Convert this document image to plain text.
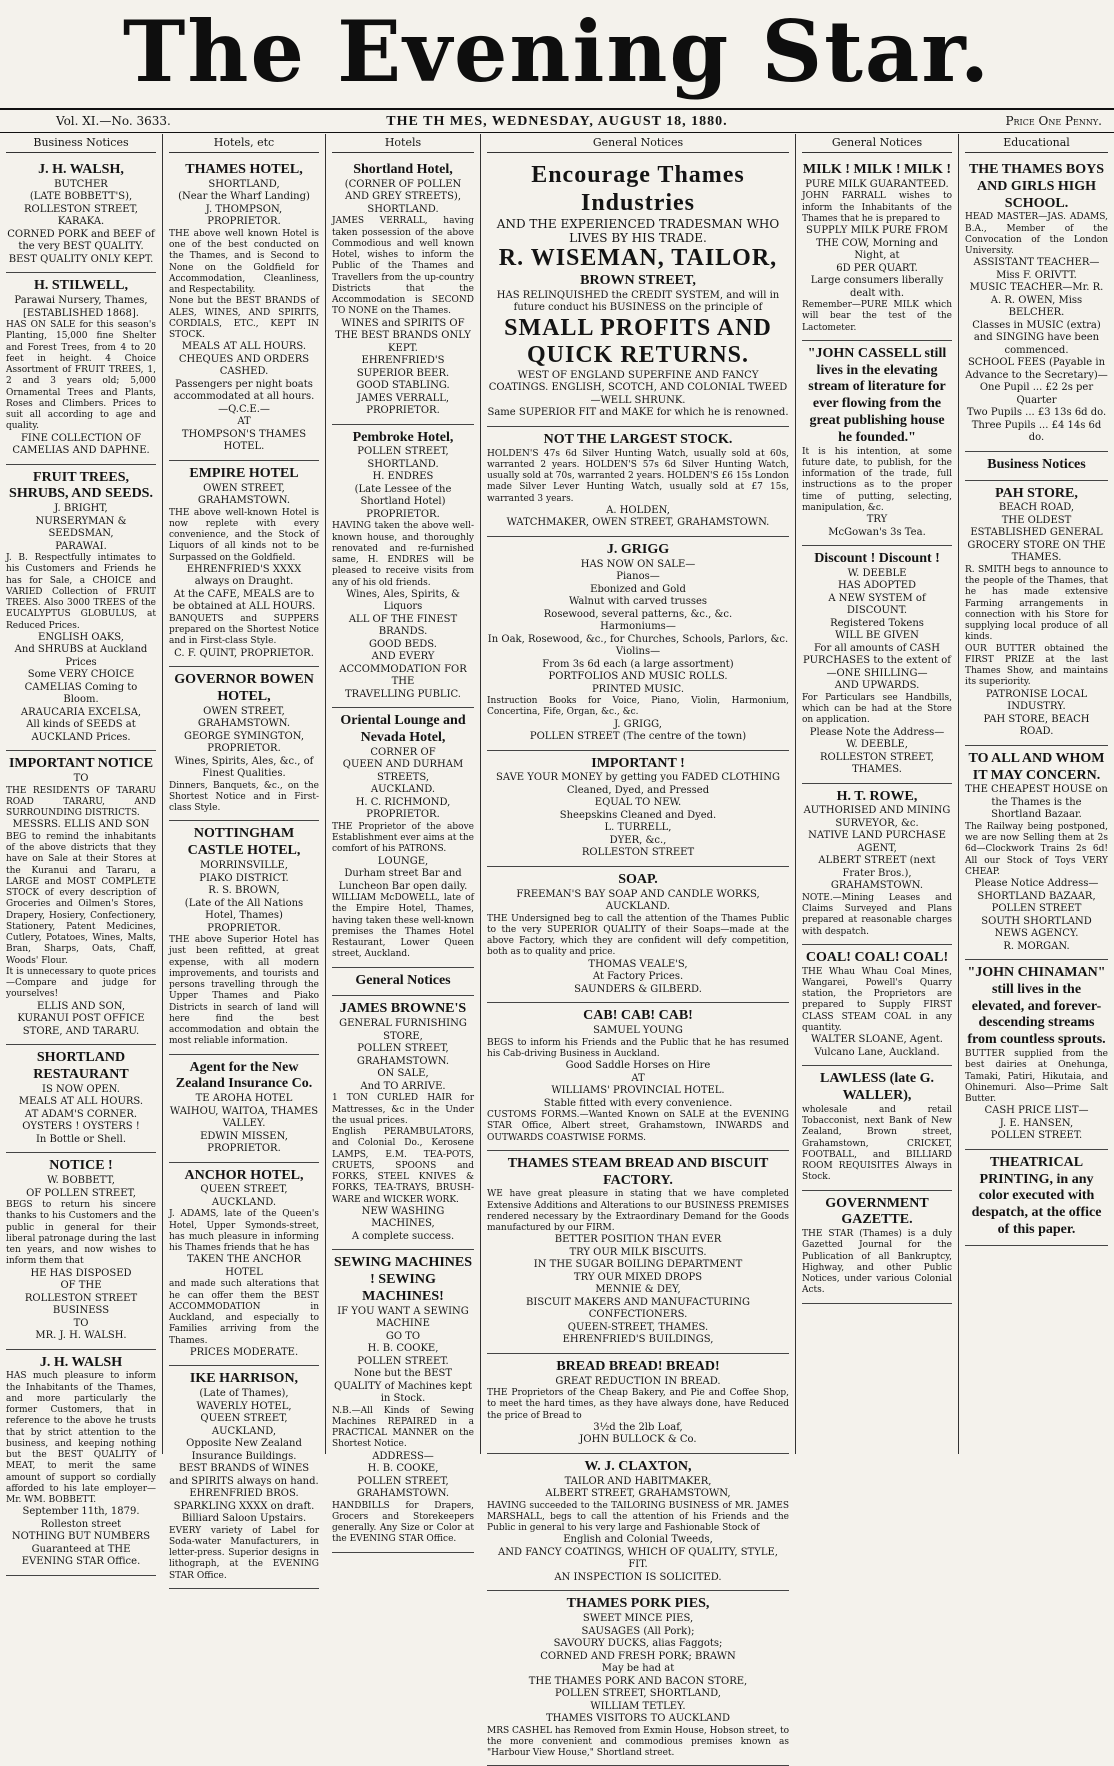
The Evening Star.
Vol. XI.—No. 3633.	THE TH MES, WEDNESDAY, AUGUST 18, 1880.	Price One Penny.
Business Notices
J. H. WALSH,
BUTCHER
(LATE BOBBETT'S),
ROLLESTON STREET, KARAKA.
CORNED PORK and BEEF of the very BEST QUALITY.
BEST QUALITY ONLY KEPT.
H. STILWELL,
Parawai Nursery, Thames,
[ESTABLISHED 1868].
HAS ON SALE for this season's Planting, 15,000 fine Shelter and Forest Trees, from 4 to 20 feet in height. 4 Choice Assortment of FRUIT TREES, 1, 2 and 3 years old; 5,000 Ornamental Trees and Plants, Roses and Climbers. Prices to suit all according to age and quality.
FINE COLLECTION OF CAMELIAS AND DAPHNE.
FRUIT TREES, SHRUBS, AND SEEDS.
J. BRIGHT,
NURSERYMAN & SEEDSMAN,
PARAWAI.
J. B. Respectfully intimates to his Customers and Friends he has for Sale, a CHOICE and VARIED Collection of FRUIT TREES. Also 3000 TREES of the EUCALYPTUS GLOBULUS, at Reduced Prices.
ENGLISH OAKS,
And SHRUBS at Auckland Prices
Some VERY CHOICE CAMELIAS Coming to Bloom.
ARAUCARIA EXCELSA,
All kinds of SEEDS at AUCKLAND Prices.
IMPORTANT NOTICE
TO
THE RESIDENTS OF TARARU ROAD TARARU, AND SURROUNDING DISTRICTS.
MESSRS. ELLIS AND SON
BEG to remind the inhabitants of the above districts that they have on Sale at their Stores at the Kuranui and Tararu, a LARGE and MOST COMPLETE STOCK of every description of Groceries and Oilmen's Stores, Drapery, Hosiery, Confectionery, Stationery, Patent Medicines, Cutlery, Potatoes, Wines, Malts, Bran, Sharps, Oats, Chaff, Woods' Flour.
It is unnecessary to quote prices—Compare and judge for yourselves!
ELLIS AND SON,
KURANUI POST OFFICE STORE, AND TARARU.
SHORTLAND RESTAURANT
IS NOW OPEN.
MEALS AT ALL HOURS.
AT ADAM'S CORNER.
OYSTERS ! OYSTERS !
In Bottle or Shell.
NOTICE !
W. BOBBETT,
OF POLLEN STREET,
BEGS to return his sincere thanks to his Customers and the public in general for their liberal patronage during the last ten years, and now wishes to inform them that
HE HAS DISPOSED
OF THE
ROLLESTON STREET BUSINESS
TO
MR. J. H. WALSH.
J. H. WALSH
HAS much pleasure to inform the Inhabitants of the Thames, and more particularly the former Customers, that in reference to the above he trusts that by strict attention to the business, and keeping nothing but the BEST QUALITY of MEAT, to merit the same amount of support so cordially afforded to his late employer—Mr. WM. BOBBETT.
September 11th, 1879.
Rolleston street
NOTHING BUT NUMBERS Guaranteed at THE EVENING STAR Office.
Hotels, etc
THAMES HOTEL,
SHORTLAND,
(Near the Wharf Landing)
J. THOMPSON, PROPRIETOR.
THE above well known Hotel is one of the best conducted on the Thames, and is Second to None on the Goldfield for Accommodation, Cleanliness, and Respectability.
None but the BEST BRANDS of ALES, WINES, AND SPIRITS, CORDIALS, ETC., KEPT IN STOCK.
MEALS AT ALL HOURS.
CHEQUES AND ORDERS CASHED.
Passengers per night boats accommodated at all hours.
—Q.C.E.—
AT
THOMPSON'S THAMES HOTEL.
EMPIRE HOTEL
OWEN STREET, GRAHAMSTOWN.
THE above well-known Hotel is now replete with every convenience, and the Stock of Liquors of all kinds not to be Surpassed on the Goldfield.
EHRENFRIED'S XXXX always on Draught.
At the CAFE, MEALS are to be obtained at ALL HOURS.
BANQUETS and SUPPERS prepared on the Shortest Notice and in First-class Style.
C. F. QUINT, PROPRIETOR.
GOVERNOR BOWEN HOTEL,
OWEN STREET, GRAHAMSTOWN.
GEORGE SYMINGTON, PROPRIETOR.
Wines, Spirits, Ales, &c., of Finest Qualities.
Dinners, Banquets, &c., on the Shortest Notice and in First-class Style.
NOTTINGHAM CASTLE HOTEL,
MORRINSVILLE,
PIAKO DISTRICT.
R. S. BROWN,
(Late of the All Nations Hotel, Thames) PROPRIETOR.
THE above Superior Hotel has just been refitted, at great expense, with all modern improvements, and tourists and persons travelling through the Upper Thames and Piako Districts in search of land will here find the best accommodation and obtain the most reliable information.
Agent for the New Zealand Insurance Co.
TE AROHA HOTEL
WAIHOU, WAITOA, THAMES VALLEY.
EDWIN MISSEN, PROPRIETOR.
ANCHOR HOTEL,
QUEEN STREET, AUCKLAND.
J. ADAMS, late of the Queen's Hotel, Upper Symonds-street, has much pleasure in informing his Thames friends that he has
TAKEN THE ANCHOR HOTEL
and made such alterations that he can offer them the BEST ACCOMMODATION in Auckland, and especially to Families arriving from the Thames.
PRICES MODERATE.
IKE HARRISON,
(Late of Thames),
WAVERLY HOTEL,
QUEEN STREET, AUCKLAND,
Opposite New Zealand Insurance Buildings.
BEST BRANDS of WINES and SPIRITS always on hand.
EHRENFRIED BROS. SPARKLING XXXX on draft.
Billiard Saloon Upstairs.
EVERY variety of Label for Soda-water Manufacturers, in letter-press. Superior designs in lithograph, at the EVENING STAR Office.
Hotels
Shortland Hotel,
(CORNER OF POLLEN AND GREY STREETS),
SHORTLAND.
JAMES VERRALL, having taken possession of the above Commodious and well known Hotel, wishes to inform the Public of the Thames and Travellers from the up-country Districts that the Accommodation is SECOND TO NONE on the Thames.
WINES and SPIRITS OF THE BEST BRANDS ONLY KEPT.
EHRENFRIED'S SUPERIOR BEER.
GOOD STABLING.
JAMES VERRALL,
PROPRIETOR.
Pembroke Hotel,
POLLEN STREET, SHORTLAND.
H. ENDRES
(Late Lessee of the Shortland Hotel) PROPRIETOR.
HAVING taken the above well-known house, and thoroughly renovated and re-furnished same, H. ENDRES will be pleased to receive visits from any of his old friends.
Wines, Ales, Spirits, & Liquors
ALL OF THE FINEST BRANDS.
GOOD BEDS.
AND EVERY ACCOMMODATION FOR THE
TRAVELLING PUBLIC.
Oriental Lounge and Nevada Hotel,
CORNER OF
QUEEN AND DURHAM STREETS,
AUCKLAND.
H. C. RICHMOND,
PROPRIETOR.
THE Proprietor of the above Establishment ever aims at the comfort of his PATRONS.
LOUNGE,
Durham street Bar and Luncheon Bar open daily.
WILLIAM McDOWELL, late of the Empire Hotel, Thames, having taken these well-known premises the Thames Hotel Restaurant, Lower Queen street, Auckland.
General Notices
JAMES BROWNE'S
GENERAL FURNISHING STORE,
POLLEN STREET, GRAHAMSTOWN.
ON SALE,
And TO ARRIVE.
1 TON CURLED HAIR for Mattresses, &c in the Under the usual prices.
English PERAMBULATORS, and Colonial Do., Kerosene LAMPS, E.M. TEA-POTS, CRUETS, SPOONS and FORKS, STEEL KNIVES & FORKS, TEA-TRAYS, BRUSH-WARE and WICKER WORK.
NEW WASHING MACHINES,
A complete success.
SEWING MACHINES ! SEWING MACHINES!
IF YOU WANT A SEWING MACHINE
GO TO
H. B. COOKE,
POLLEN STREET.
None but the BEST QUALITY of Machines kept in Stock.
N.B.—All Kinds of Sewing Machines REPAIRED in a PRACTICAL MANNER on the Shortest Notice.
ADDRESS—
H. B. COOKE,
POLLEN STREET,
GRAHAMSTOWN.
HANDBILLS for Drapers, Grocers and Storekeepers generally. Any Size or Color at the EVENING STAR Office.
General Notices
Encourage Thames Industries
AND THE EXPERIENCED TRADESMAN WHO LIVES BY HIS TRADE.
R. WISEMAN, TAILOR,
BROWN STREET,
HAS RELINQUISHED the CREDIT SYSTEM, and will in future conduct his BUSINESS on the principle of
SMALL PROFITS AND QUICK RETURNS.
WEST OF ENGLAND SUPERFINE AND FANCY COATINGS. ENGLISH, SCOTCH, AND COLONIAL TWEED—WELL SHRUNK.
Same SUPERIOR FIT and MAKE for which he is renowned.
NOT THE LARGEST STOCK.
HOLDEN'S 47s 6d Silver Hunting Watch, usually sold at 60s, warranted 2 years. HOLDEN'S 57s 6d Silver Hunting Watch, usually sold at 70s, warranted 2 years. HOLDEN'S £6 15s London made Silver Lever Hunting Watch, usually sold at £7 15s, warranted 3 years.
A. HOLDEN,
WATCHMAKER, OWEN STREET, GRAHAMSTOWN.
J. GRIGG
HAS NOW ON SALE—
Pianos—
Ebonized and Gold
Walnut with carved trusses
Rosewood, several patterns, &c., &c.
Harmoniums—
In Oak, Rosewood, &c., for Churches, Schools, Parlors, &c.
Violins—
From 3s 6d each (a large assortment)
PORTFOLIOS AND MUSIC ROLLS.
PRINTED MUSIC.
Instruction Books for Voice, Piano, Violin, Harmonium, Concertina, Fife, Organ, &c., &c.
J. GRIGG,
POLLEN STREET (The centre of the town)
IMPORTANT !
SAVE YOUR MONEY by getting you FADED CLOTHING
Cleaned, Dyed, and Pressed
EQUAL TO NEW.
Sheepskins Cleaned and Dyed.
L. TURRELL,
DYER, &c.,
ROLLESTON STREET
SOAP.
FREEMAN'S BAY SOAP AND CANDLE WORKS, AUCKLAND.
THE Undersigned beg to call the attention of the Thames Public to the very SUPERIOR QUALITY of their Soaps—made at the above Factory, which they are confident will defy competition, both as to quality and price.
THOMAS VEALE'S,
At Factory Prices.
SAUNDERS & GILBERD.
CAB! CAB! CAB!
SAMUEL YOUNG
BEGS to inform his Friends and the Public that he has resumed his Cab-driving Business in Auckland.
Good Saddle Horses on Hire
AT
WILLIAMS' PROVINCIAL HOTEL.
Stable fitted with every convenience.
CUSTOMS FORMS.—Wanted Known on SALE at the EVENING STAR Office, Albert street, Grahamstown, INWARDS and OUTWARDS COASTWISE FORMS.
THAMES STEAM BREAD AND BISCUIT FACTORY.
WE have great pleasure in stating that we have completed Extensive Additions and Alterations to our BUSINESS PREMISES rendered necessary by the Extraordinary Demand for the Goods manufactured by our FIRM.
BETTER POSITION THAN EVER
TRY OUR MILK BISCUITS.
IN THE SUGAR BOILING DEPARTMENT
TRY OUR MIXED DROPS
MENNIE & DEY,
BISCUIT MAKERS AND MANUFACTURING CONFECTIONERS.
QUEEN-STREET, THAMES.
EHRENFRIED'S BUILDINGS,
BREAD BREAD! BREAD!
GREAT REDUCTION IN BREAD.
THE Proprietors of the Cheap Bakery, and Pie and Coffee Shop, to meet the hard times, as they have always done, have Reduced the price of Bread to
3½d the 2lb Loaf,
JOHN BULLOCK & Co.
W. J. CLAXTON,
TAILOR AND HABITMAKER,
ALBERT STREET, GRAHAMSTOWN,
HAVING succeeded to the TAILORING BUSINESS of MR. JAMES MARSHALL, begs to call the attention of his Friends and the Public in general to his very large and Fashionable Stock of
English and Colonial Tweeds,
AND FANCY COATINGS, WHICH OF QUALITY, STYLE, FIT.
AN INSPECTION IS SOLICITED.
THAMES PORK PIES,
SWEET MINCE PIES,
SAUSAGES (All Pork);
SAVOURY DUCKS, alias Faggots;
CORNED AND FRESH PORK; BRAWN
May be had at
THE THAMES PORK AND BACON STORE,
POLLEN STREET, SHORTLAND,
WILLIAM TETLEY.
THAMES VISITORS TO AUCKLAND
MRS CASHEL has Removed from Exmin House, Hobson street, to the more convenient and commodious premises known as "Harbour View House," Shortland street.
General Notices
MILK ! MILK ! MILK !
PURE MILK GUARANTEED.
JOHN FARRALL wishes to inform the Inhabitants of the Thames that he is prepared to
SUPPLY MILK PURE FROM THE COW, Morning and Night, at
6D PER QUART.
Large consumers liberally dealt with.
Remember—PURE MILK which will bear the test of the Lactometer.
"JOHN CASSELL still lives in the elevating stream of literature for ever flowing from the great publishing house he founded."
It is his intention, at some future date, to publish, for the information of the trade, full instructions as to the proper time of putting, selecting, manipulation, &c.
TRY
McGowan's 3s Tea.
Discount ! Discount !
W. DEEBLE
HAS ADOPTED
A NEW SYSTEM of DISCOUNT.
Registered Tokens
WILL BE GIVEN
For all amounts of CASH PURCHASES to the extent of
—ONE SHILLING—
AND UPWARDS.
For Particulars see Handbills, which can be had at the Store on application.
Please Note the Address—
W. DEEBLE,
ROLLESTON STREET,
THAMES.
H. T. ROWE,
AUTHORISED AND MINING SURVEYOR, &c.
NATIVE LAND PURCHASE AGENT,
ALBERT STREET (next Frater Bros.),
GRAHAMSTOWN.
NOTE.—Mining Leases and Claims Surveyed and Plans prepared at reasonable charges with despatch.
COAL! COAL! COAL!
THE Whau Whau Coal Mines, Wangarei, Powell's Quarry station, the Proprietors are prepared to Supply FIRST CLASS STEAM COAL in any quantity.
WALTER SLOANE, Agent.
Vulcano Lane, Auckland.
LAWLESS (late G. WALLER),
wholesale and retail Tobacconist, next Bank of New Zealand, Brown street, Grahamstown, CRICKET, FOOTBALL, and BILLIARD ROOM REQUISITES Always in Stock.
GOVERNMENT GAZETTE.
THE STAR (Thames) is a duly Gazetted Journal for the Publication of all Bankruptcy, Highway, and other Public Notices, under various Colonial Acts.
Educational
THE THAMES BOYS AND GIRLS HIGH SCHOOL.
HEAD MASTER—JAS. ADAMS, B.A., Member of the Convocation of the London University.
ASSISTANT TEACHER—Miss F. ORIVTT.
MUSIC TEACHER—Mr. R. A. R. OWEN, Miss BELCHER.
Classes in MUSIC (extra) and SINGING have been commenced.
SCHOOL FEES (Payable in Advance to the Secretary)—
One Pupil ... £2 2s per Quarter
Two Pupils ... £3 13s 6d do.
Three Pupils ... £4 14s 6d do.
Business Notices
PAH STORE,
BEACH ROAD,
THE OLDEST ESTABLISHED GENERAL GROCERY STORE ON THE THAMES.
R. SMITH begs to announce to the people of the Thames, that he has made extensive Farming arrangements in connection with his Store for supplying local produce of all kinds.
OUR BUTTER obtained the FIRST PRIZE at the last Thames Show, and maintains its superiority.
PATRONISE LOCAL INDUSTRY.
PAH STORE, BEACH ROAD.
TO ALL AND WHOM IT MAY CONCERN.
THE CHEAPEST HOUSE on the Thames is the
Shortland Bazaar.
The Railway being postponed, we are now Selling them at 2s 6d—Clockwork Trains 2s 6d! All our Stock of Toys VERY CHEAP.
Please Notice Address—
SHORTLAND BAZAAR, POLLEN STREET
SOUTH SHORTLAND NEWS AGENCY.
R. MORGAN.
"JOHN CHINAMAN" still lives in the elevated, and forever-descending streams from countless sprouts.
BUTTER supplied from the best dairies at Onehunga, Tamaki, Patiri, Hikutaia, and Ohinemuri. Also—Prime Salt Butter.
CASH PRICE LIST—
J. E. HANSEN,
POLLEN STREET.
THEATRICAL PRINTING, in any color executed with despatch, at the office of this paper.
